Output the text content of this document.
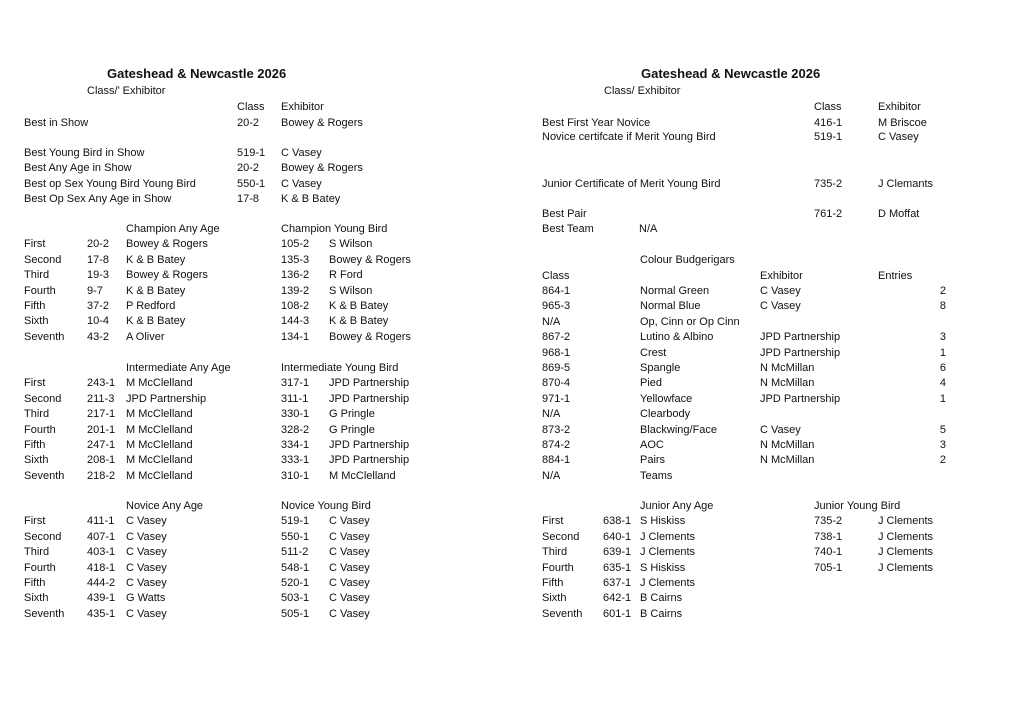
Gateshead & Newcastle 2026
Class/’ Exhibitor
Class Exhibitor
Best in Show	20-2 Bowey & Rogers
Best Young Bird in Show	519-1 C Vasey
Best Any Age in Show	20-2 Bowey & Rogers
Best op Sex Young Bird Young Bird	550-1 C Vasey
Best Op Sex Any Age in Show	17-8 K & B Batey
Champion Any Age	Champion Young Bird
First	20-2 Bowey & Rogers	105-2 S Wilson
Second 17-8 K & B Batey	135-3 Bowey & Rogers
Third	19-3 Bowey & Rogers	136-2 R Ford
Fourth	9-7 K & B Batey	139-2 S Wilson
Fifth	37-2 P Redford	108-2 K & B Batey
Sixth	10-4 K & B Batey	144-3 K & B Batey
Seventh 43-2 A Oliver	134-1 Bowey & Rogers
Intermediate Any Age	Intermediate Young Bird
First	243-1 M McClelland	317-1 JPD Partnership
Second 211-3 JPD Partnership	311-1 JPD Partnership
Third	217-1 M McClelland	330-1 G Pringle
Fourth	201-1 M McClelland	328-2 G Pringle
Fifth	247-1 M McClelland	334-1 JPD Partnership
Sixth	208-1 M McClelland	333-1 JPD Partnership
Seventh 218-2 M McClelland	310-1 M McClelland
Novice Any Age	Novice Young Bird
First	411-1 C Vasey	519-1 C Vasey
Second 407-1 C Vasey	550-1 C Vasey
Third	403-1 C Vasey	511-2 C Vasey
Fourth	418-1 C Vasey	548-1 C Vasey
Fifth	444-2 C Vasey	520-1 C Vasey
Sixth	439-1 G Watts	503-1 C Vasey
Seventh 435-1 C Vasey	505-1 C Vasey
Gateshead & Newcastle 2026
Class/ Exhibitor
Class	Exhibitor
Best First Year Novice	416-1	M Briscoe
Novice certifcate if Merit Young Bird	519-1	C Vasey
Junior Certificate of Merit Young Bird	735-2	J Clemants
Best Pair	761-2	D Moffat
Best Team	N/A
Colour Budgerigars
Class	Exhibitor	Entries
864-1	Normal Green	C Vasey	2
965-3	Normal Blue	C Vasey	8
N/A	Op, Cinn or Op Cinn
867-2	Lutino & Albino	JPD Partnership	3
968-1	Crest	JPD Partnership	1
869-5	Spangle	N McMillan	6
870-4	Pied	N McMillan	4
971-1	Yellowface	JPD Partnership	1
N/A	Clearbody
873-2	Blackwing/Face	C Vasey	5
874-2	AOC	N McMillan	3
884-1	Pairs	N McMillan	2
N/A	Teams
Junior Any Age	Junior Young Bird
First	638-1 S Hiskiss	735-2	J Clements
Second 640-1 J Clements	738-1	J Clements
Third	639-1 J Clements	740-1	J Clements
Fourth	635-1 S Hiskiss	705-1	J Clements
Fifth	637-1 J Clements
Sixth	642-1 B Cairns
Seventh 601-1 B Cairns
